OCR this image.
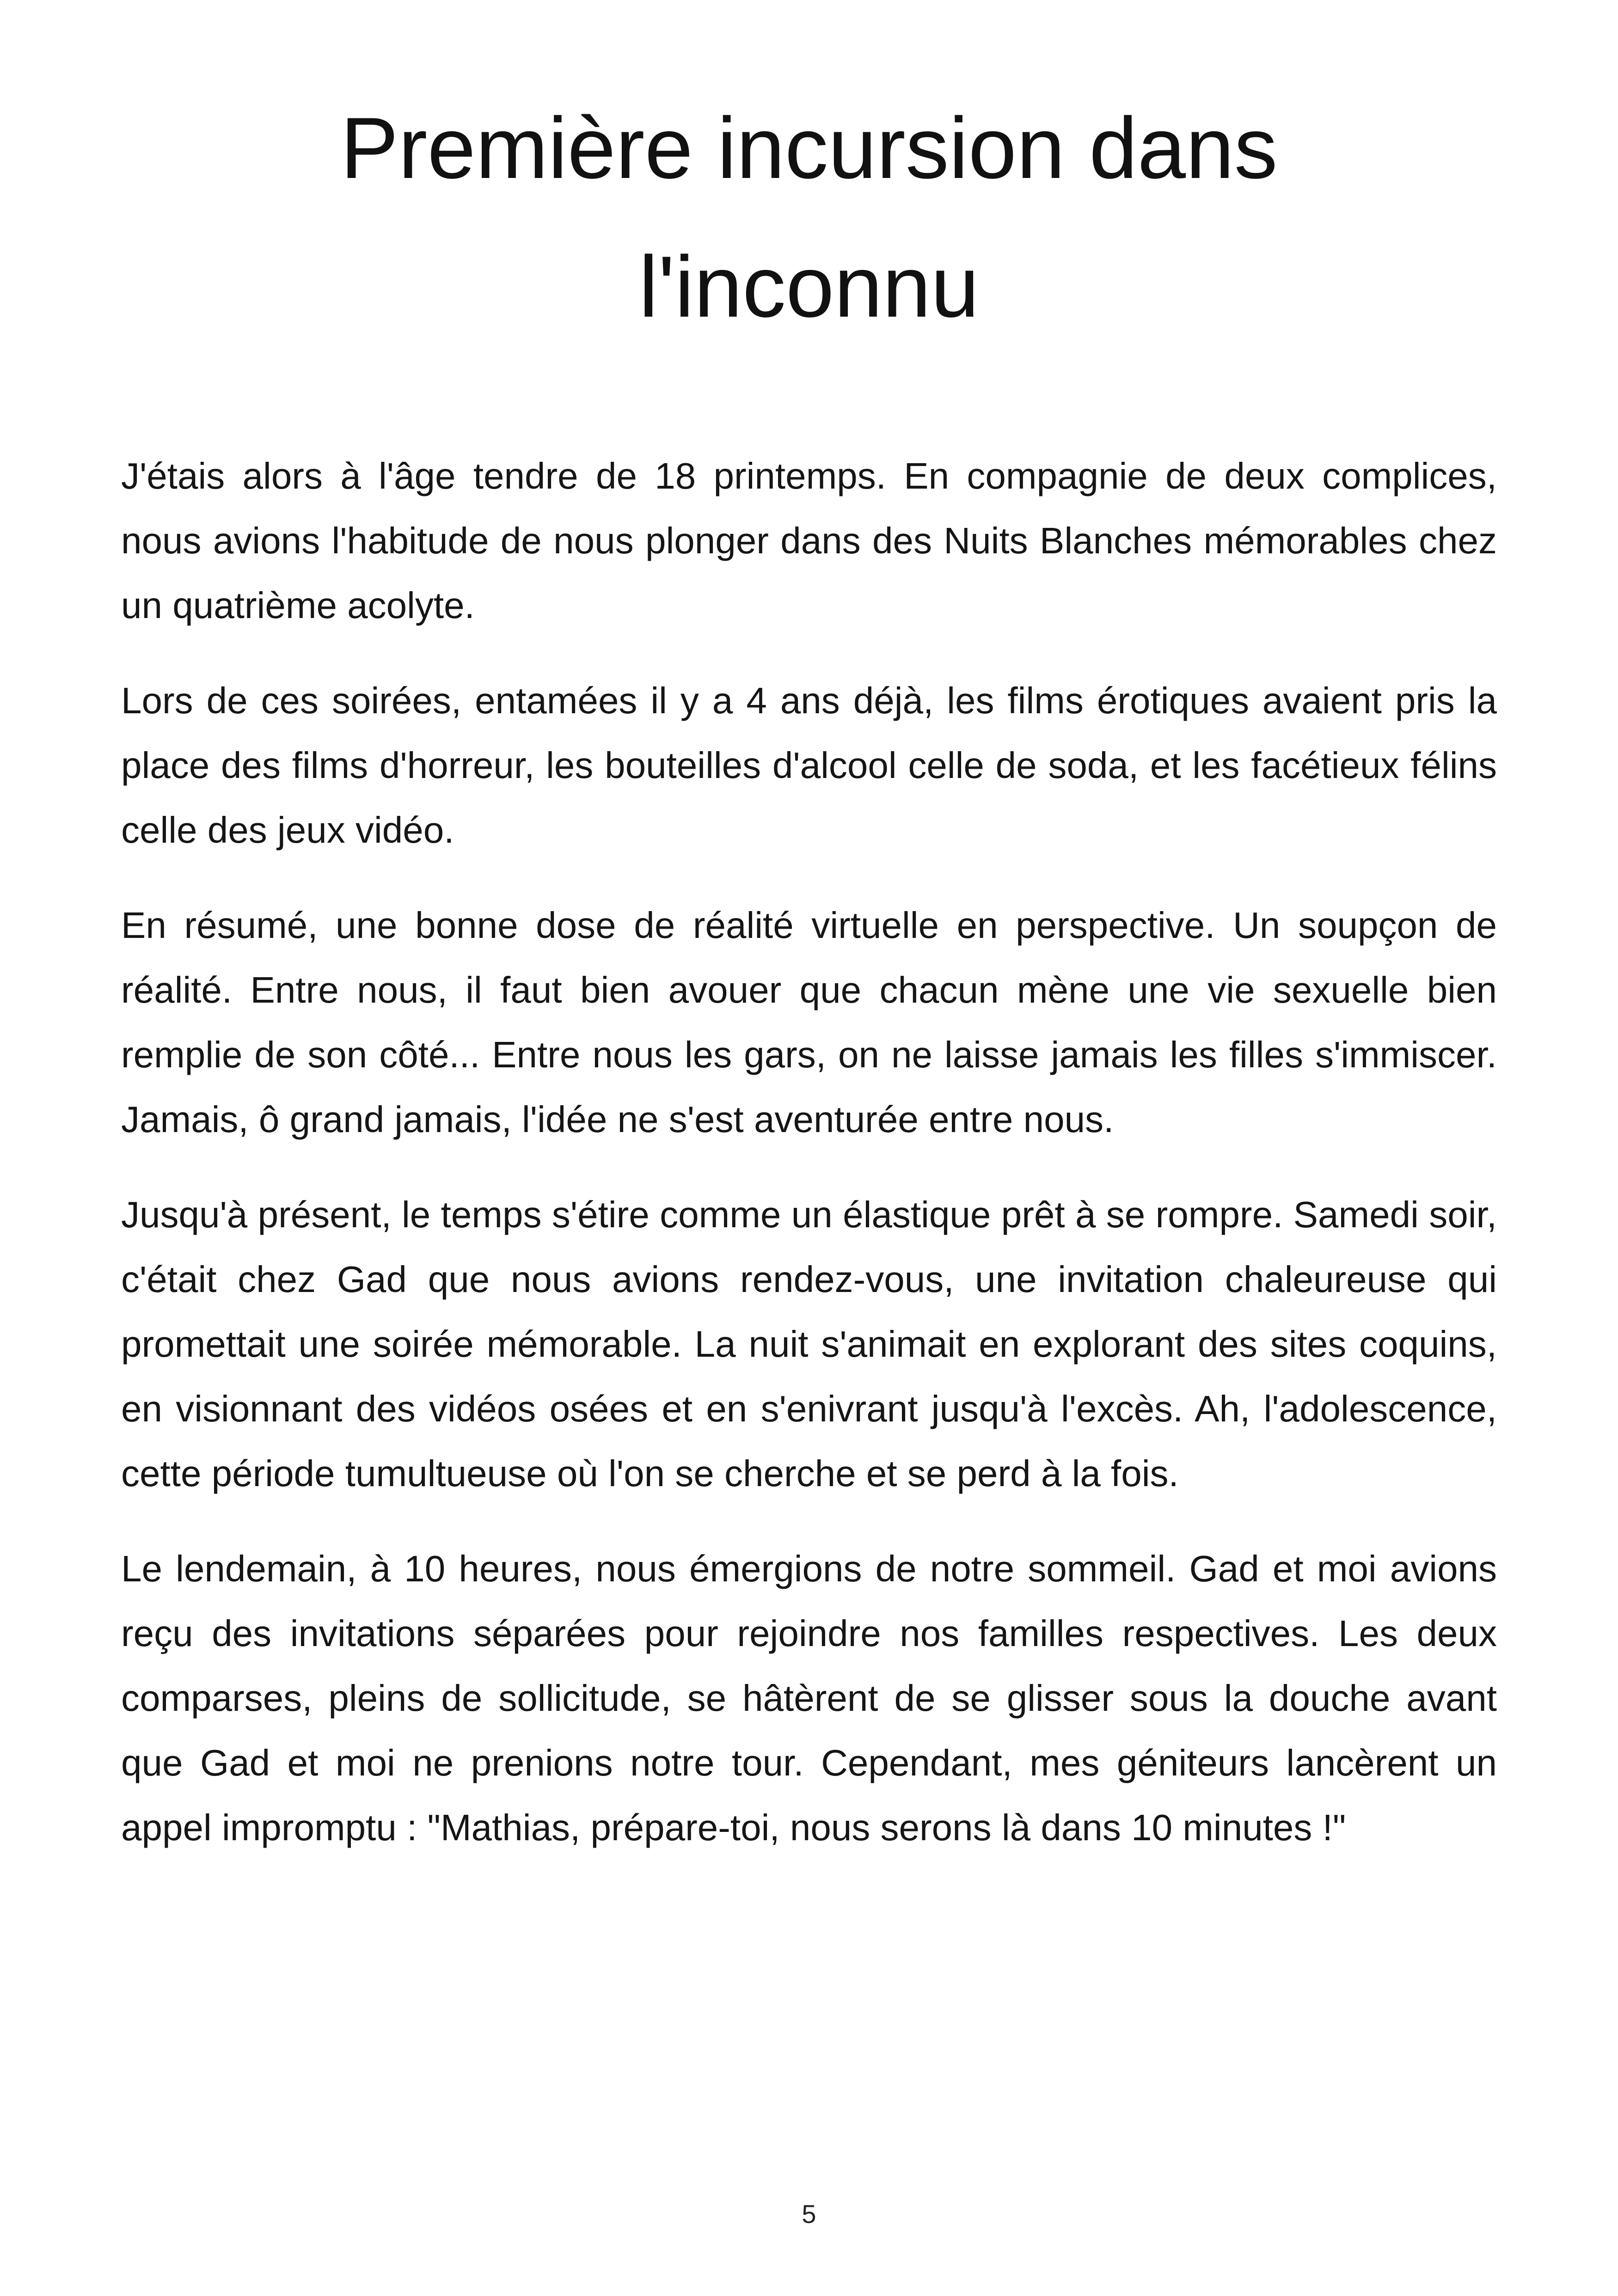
Première incursion dans
l'inconnu

J'étais alors à l'âge tendre de 18 printemps. En compagnie de deux complices, nous avions l'habitude de nous plonger dans des Nuits Blanches mémorables chez un quatrième acolyte.

Lors de ces soirées, entamées il y a 4 ans déjà, les films érotiques avaient pris la place des films d'horreur, les bouteilles d'alcool celle de soda, et les facétieux félins celle des jeux vidéo.

En résumé, une bonne dose de réalité virtuelle en perspective. Un soupçon de réalité. Entre nous, il faut bien avouer que chacun mène une vie sexuelle bien remplie de son côté... Entre nous les gars, on ne laisse jamais les filles s'immiscer. Jamais, ô grand jamais, l'idée ne s'est aventurée entre nous.

Jusqu'à présent, le temps s'étire comme un élastique prêt à se rompre. Samedi soir, c'était chez Gad que nous avions rendez-vous, une invitation chaleureuse qui promettait une soirée mémorable. La nuit s'animait en explorant des sites coquins, en visionnant des vidéos osées et en s'enivrant jusqu'à l'excès. Ah, l'adolescence, cette période tumultueuse où l'on se cherche et se perd à la fois.

Le lendemain, à 10 heures, nous émergions de notre sommeil. Gad et moi avions reçu des invitations séparées pour rejoindre nos familles respectives. Les deux comparses, pleins de sollicitude, se hâtèrent de se glisser sous la douche avant que Gad et moi ne prenions notre tour. Cependant, mes géniteurs lancèrent un appel impromptu : "Mathias, prépare-toi, nous serons là dans 10 minutes !"

5
